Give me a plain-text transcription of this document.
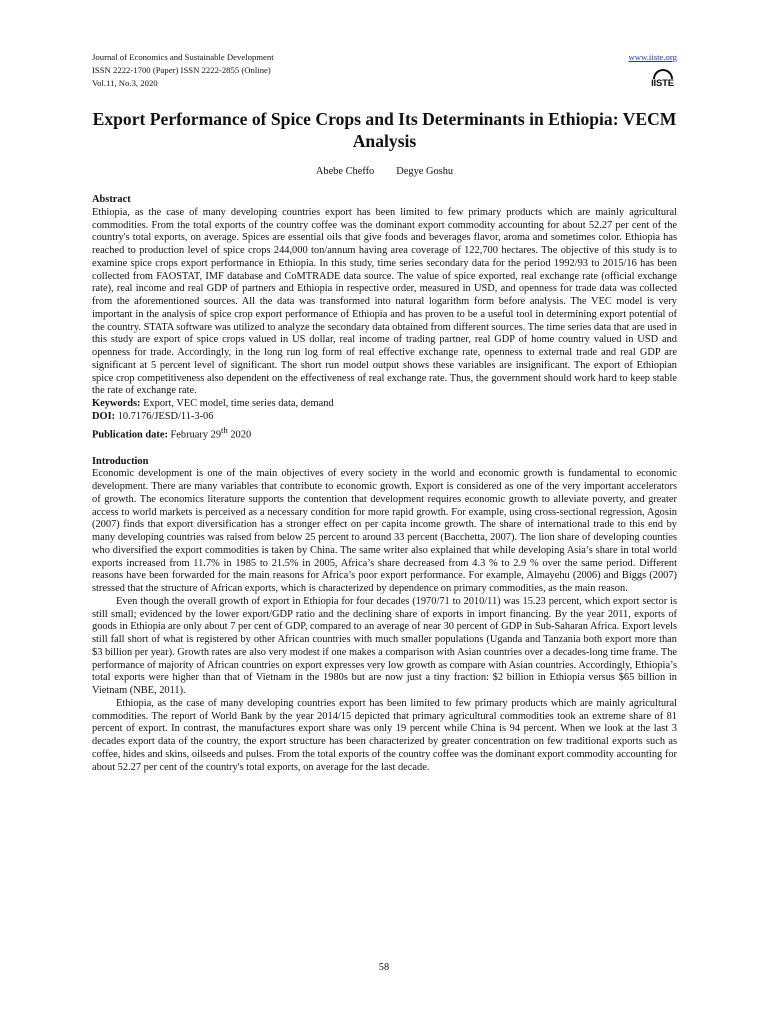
Journal of Economics and Sustainable Development
ISSN 2222-1700 (Paper) ISSN 2222-2855 (Online)
Vol.11, No.3, 2020
www.iiste.org
IISTE
Export Performance of Spice Crops and Its Determinants in Ethiopia: VECM Analysis
Abebe Cheffo Degye Goshu
Abstract

Ethiopia, as the case of many developing countries export has been limited to few primary products which are mainly agricultural commodities. From the total exports of the country coffee was the dominant export commodity accounting for about 52.27 per cent of the country's total exports, on average. Spices are essential oils that give foods and beverages flavor, aroma and sometimes color. Ethiopia has reached to production level of spice crops 244,000 ton/annum having area coverage of 122,700 hectares. The objective of this study is to examine spice crops export performance in Ethiopia. In this study, time series secondary data for the period 1992/93 to 2015/16 has been collected from FAOSTAT, IMF database and CoMTRADE data source. The value of spice exported, real exchange rate (official exchange rate), real income and real GDP of partners and Ethiopia in respective order, measured in USD, and openness for trade data was collected from the aforementioned sources. All the data was transformed into natural logarithm form before analysis. The VEC model is very important in the analysis of spice crop export performance of Ethiopia and has proven to be a useful tool in determining export potential of the country. STATA software was utilized to analyze the secondary data obtained from different sources. The time series data that are used in this study are export of spice crops valued in US dollar, real income of trading partner, real GDP of home country valued in USD and openness for trade. Accordingly, in the long run log form of real effective exchange rate, openness to external trade and real GDP are significant at 5 percent level of significant. The short run model output shows these variables are insignificant. The export of Ethiopian spice crop competitiveness also dependent on the effectiveness of real exchange rate. Thus, the government should work hard to keep stable the rate of exchange rate.

Keywords: Export, VEC model, time series data, demand
DOI: 10.7176/JESD/11-3-06
Publication date: February 29th 2020
Introduction

Economic development is one of the main objectives of every society in the world and economic growth is fundamental to economic development. There are many variables that contribute to economic growth. Export is considered as one of the very important accelerators of growth. The economics literature supports the contention that development requires economic growth to alleviate poverty, and greater access to world markets is perceived as a necessary condition for more rapid growth. For example, using cross-sectional regression, Agosin (2007) finds that export diversification has a stronger effect on per capita income growth. The share of international trade to this end by many developing countries was raised from below 25 percent to around 33 percent (Bacchetta, 2007). The lion share of developing counties who diversified the export commodities is taken by China. The same writer also explained that while developing Asia’s share in total world exports increased from 11.7% in 1985 to 21.5% in 2005, Africa’s share decreased from 4.3 % to 2.9 % over the same period. Different reasons have been forwarded for the main reasons for Africa’s poor export performance. For example, Almayehu (2006) and Biggs (2007) stressed that the structure of African exports, which is characterized by dependence on primary commodities, as the main reason.

Even though the overall growth of export in Ethiopia for four decades (1970/71 to 2010/11) was 15.23 percent, which export sector is still small; evidenced by the lower export/GDP ratio and the declining share of exports in import financing. By the year 2011, exports of goods in Ethiopia are only about 7 per cent of GDP, compared to an average of near 30 percent of GDP in Sub-Saharan Africa. Export levels still fall short of what is registered by other African countries with much smaller populations (Uganda and Tanzania both export more than $3 billion per year). Growth rates are also very modest if one makes a comparison with Asian countries over a decades-long time frame. The performance of majority of African countries on export expresses very low growth as compare with Asian countries. Accordingly, Ethiopia’s total exports were higher than that of Vietnam in the 1980s but are now just a tiny fraction: $2 billion in Ethiopia versus $65 billion in Vietnam (NBE, 2011).

Ethiopia, as the case of many developing countries export has been limited to few primary products which are mainly agricultural commodities. The report of World Bank by the year 2014/15 depicted that primary agricultural commodities took an extreme share of 81 percent of export. In contrast, the manufactures export share was only 19 percent while China is 94 percent. When we look at the last 3 decades export data of the country, the export structure has been characterized by greater concentration on few traditional exports such as coffee, hides and skins, oilseeds and pulses. From the total exports of the country coffee was the dominant export commodity accounting for about 52.27 per cent of the country's total exports, on average for the last decade.

58
